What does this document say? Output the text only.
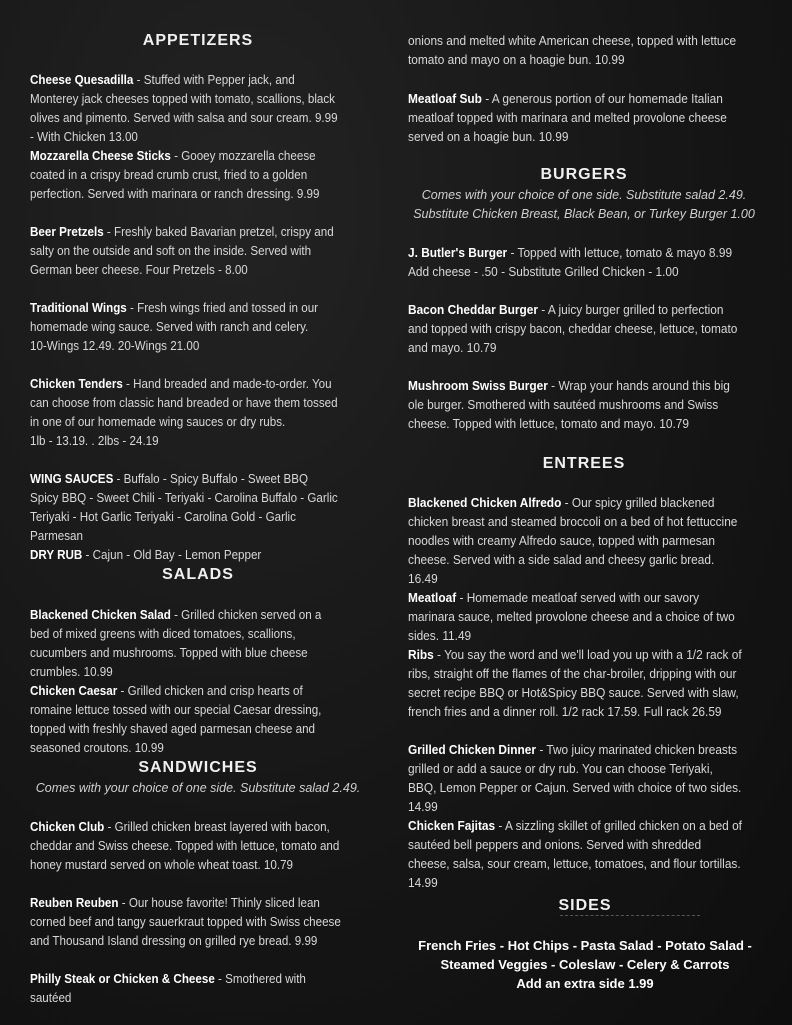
APPETIZERS
Cheese Quesadilla - Stuffed with Pepper jack, and Monterey jack cheeses topped with tomato, scallions, black olives and pimento. Served with salsa and sour cream. 9.99 - With Chicken 13.00
Mozzarella Cheese Sticks - Gooey mozzarella cheese coated in a crispy bread crumb crust, fried to a golden perfection. Served with marinara or ranch dressing. 9.99
Beer Pretzels - Freshly baked Bavarian pretzel, crispy and salty on the outside and soft on the inside. Served with German beer cheese. Four Pretzels - 8.00
Traditional Wings - Fresh wings fried and tossed in our homemade wing sauce. Served with ranch and celery.
10-Wings 12.49. 20-Wings 21.00
Chicken Tenders - Hand breaded and made-to-order. You can choose from classic hand breaded or have them tossed in one of our homemade wing sauces or dry rubs.
1lb - 13.19. . 2lbs - 24.19
WING SAUCES - Buffalo - Spicy Buffalo - Sweet BBQ
Spicy BBQ - Sweet Chili - Teriyaki - Carolina Buffalo - Garlic
Teriyaki - Hot Garlic Teriyaki - Carolina Gold - Garlic Parmesan
DRY RUB - Cajun - Old Bay - Lemon Pepper
SALADS
Blackened Chicken Salad - Grilled chicken served on a bed of mixed greens with diced tomatoes, scallions, cucumbers and mushrooms. Topped with blue cheese crumbles. 10.99
Chicken Caesar - Grilled chicken and crisp hearts of romaine lettuce tossed with our special Caesar dressing, topped with freshly shaved aged parmesan cheese and seasoned croutons. 10.99
SANDWICHES
Comes with your choice of one side. Substitute salad 2.49.
Chicken Club - Grilled chicken breast layered with bacon, cheddar and Swiss cheese. Topped with lettuce, tomato and honey mustard served on whole wheat toast. 10.79
Reuben Reuben - Our house favorite! Thinly sliced lean corned beef and tangy sauerkraut topped with Swiss cheese and Thousand Island dressing on grilled rye bread. 9.99
Philly Steak or Chicken & Cheese - Smothered with sautéed
onions and melted white American cheese, topped with lettuce tomato and mayo on a hoagie bun. 10.99
Meatloaf Sub - A generous portion of our homemade Italian meatloaf topped with marinara and melted provolone cheese served on a hoagie bun. 10.99
BURGERS
Comes with your choice of one side. Substitute salad 2.49.
Substitute Chicken Breast, Black Bean, or Turkey Burger 1.00
J. Butler's Burger - Topped with lettuce, tomato & mayo 8.99
Add cheese - .50 - Substitute Grilled Chicken - 1.00
Bacon Cheddar Burger - A juicy burger grilled to perfection and topped with crispy bacon, cheddar cheese, lettuce, tomato and mayo. 10.79
Mushroom Swiss Burger - Wrap your hands around this big ole burger. Smothered with sautéed mushrooms and Swiss cheese. Topped with lettuce, tomato and mayo. 10.79
ENTREES
Blackened Chicken Alfredo - Our spicy grilled blackened chicken breast and steamed broccoli on a bed of hot fettuccine noodles with creamy Alfredo sauce, topped with parmesan cheese. Served with a side salad and cheesy garlic bread. 16.49
Meatloaf - Homemade meatloaf served with our savory marinara sauce, melted provolone cheese and a choice of two sides. 11.49
Ribs - You say the word and we'll load you up with a 1/2 rack of ribs, straight off the flames of the char-broiler, dripping with our secret recipe BBQ or Hot&Spicy BBQ sauce. Served with slaw, french fries and a dinner roll. 1/2 rack 17.59. Full rack 26.59
Grilled Chicken Dinner - Two juicy marinated chicken breasts grilled or add a sauce or dry rub. You can choose Teriyaki, BBQ, Lemon Pepper or Cajun. Served with choice of two sides. 14.99
Chicken Fajitas - A sizzling skillet of grilled chicken on a bed of sautéed bell peppers and onions. Served with shredded cheese, salsa, sour cream, lettuce, tomatoes, and flour tortillas. 14.99
SIDES
French Fries - Hot Chips - Pasta Salad - Potato Salad -
Steamed Veggies - Coleslaw - Celery & Carrots
Add an extra side 1.99
